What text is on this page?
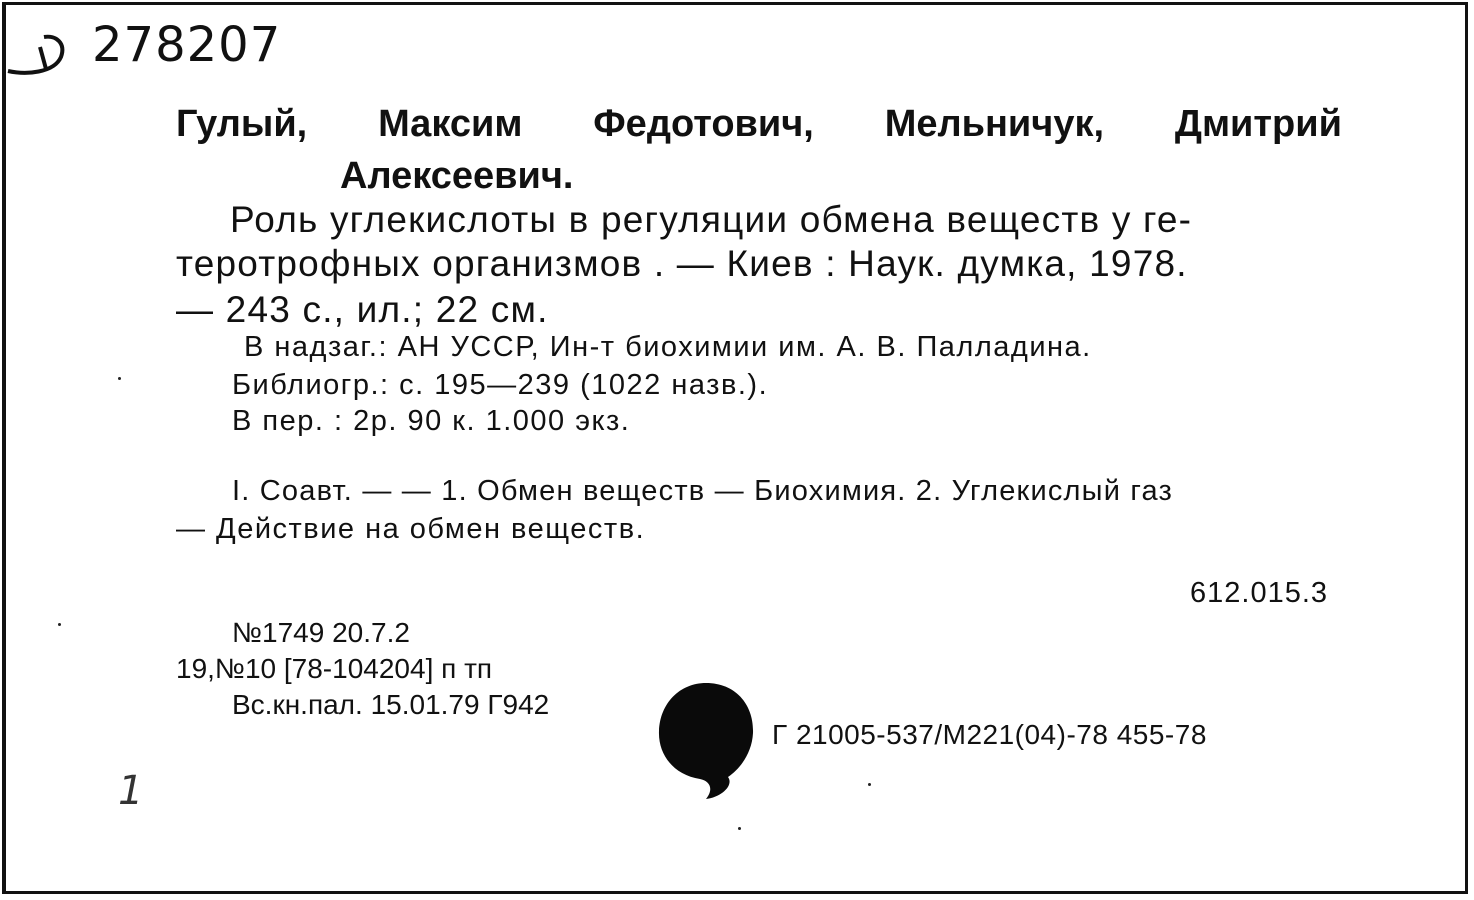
278207
Гулый, Максим Федотович, Мельничук, Дмитрий
Алексеевич.
Роль углекислоты в регуляции обмена веществ у ге-
теротрофных организмов . — Киев : Наук. думка, 1978.
— 243 с., ил.; 22 см.
В надзаг.: АН УССР, Ин-т биохимии им. А. В. Палладина.
Библиогр.: с. 195—239 (1022 назв.).
В пер. : 2р. 90 к. 1.000 экз.
I. Соавт. — — 1. Обмен веществ — Биохимия. 2. Углекислый газ
— Действие на обмен веществ.
612.015.3
№1749 20.7.2
19,№10 [78-104204] п тп
Вс.кн.пал. 15.01.79 Г942
Г 21005-537/М221(04)-78 455-78
1
